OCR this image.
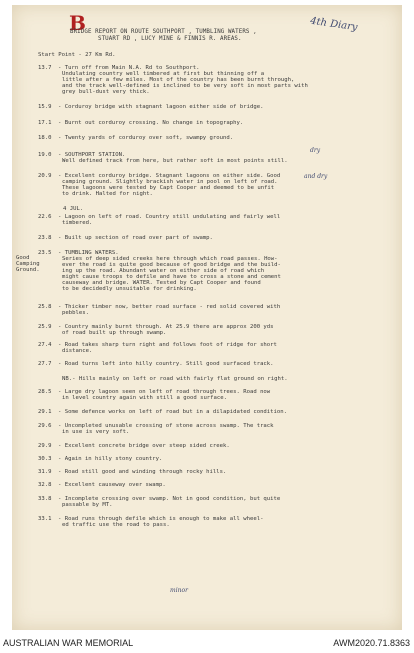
B	4th Diary
dry
and dry
minor
BRIDGE REPORT ON ROUTE SOUTHPORT , TUMBLING WATERS ,
STUART RD , LUCY MINE & FINNIS R. AREAS.
Start Point - 27 Km Rd.
13.7 - Turn off from Main N.A. Rd to Southport.
Undulating country well timbered at first but thinning off a
little after a few miles. Most of the country has been burnt through,
and the track well-defined is inclined to be very soft in most parts with
grey bull-dust very thick.
15.9 - Corduroy bridge with stagnant lagoon either side of bridge.
17.1 - Burnt out corduroy crossing. No change in topography.
18.0 - Twenty yards of corduroy over soft, swampy ground.
19.0 - SOUTHPORT STATION.
Well defined track from here, but rather soft in most points still.
20.9 - Excellent corduroy bridge. Stagnant lagoons on either side. Good
camping ground. Slightly brackish water in pool on left of road.
These lagoons were tested by Capt Cooper and deemed to be unfit
to drink. Halted for night.
4 JUL.
22.6 - Lagoon on left of road. Country still undulating and fairly well
timbered.
23.8 - Built up section of road over part of swamp.
23.5 - TUMBLING WATERS.
Series of deep sided creeks here through which road passes. How-
ever the road is quite good because of good bridge and the build-
ing up the road. Abundant water on either side of road which
might cause troops to defile and have to cross a stone and cement
causeway and bridge. WATER. Tested by Capt Cooper and found
to be decidedly unsuitable for drinking.
25.8 - Thicker timber now, better road surface - red solid covered with
pebbles.
25.9 - Country mainly burnt through. At 25.9 there are approx 200 yds
of road built up through swamp.
27.4 - Road takes sharp turn right and follows foot of ridge for short
distance.
27.7 - Road turns left into hilly country. Still good surfaced track.
NB.- Hills mainly on left or road with fairly flat ground on right.
28.5 - Large dry lagoon seen on left of road through trees. Road now
in level country again with still a good surface.
29.1 - Some defence works on left of road but in a dilapidated condition.
29.6 - Uncompleted unusable crossing of stone across swamp. The track
in use is very soft.
29.9 - Excellent concrete bridge over steep sided creek.
30.3 - Again in hilly stony country.
31.9 - Road still good and winding through rocky hills.
32.8 - Excellent causeway over swamp.
33.8 - Incomplete crossing over swamp. Not in good condition, but quite
passable by MT.
33.1 - Road runs through defile which is enough to make all wheel-
ed traffic use the road to pass.
Good
Camping
Ground.
AUSTRALIAN WAR MEMORIAL	AWM2020.71.8363
